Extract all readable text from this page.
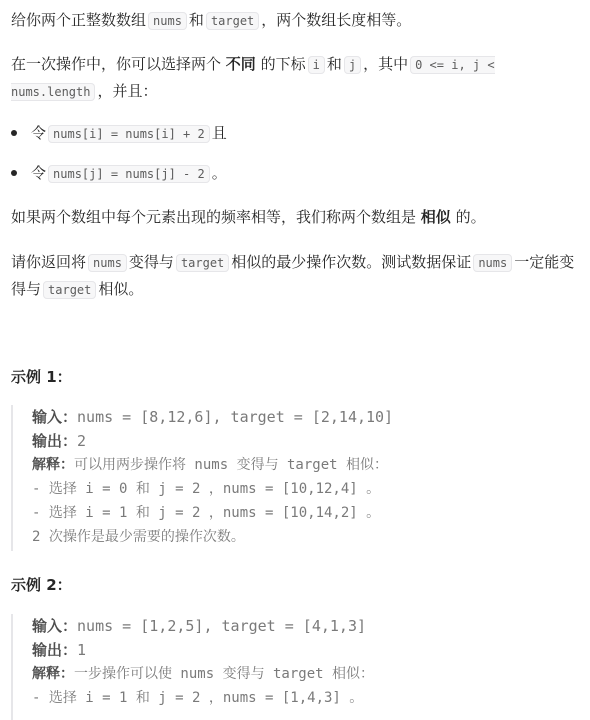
给你两个正整数数组 nums 和 target ，两个数组长度相等。
在一次操作中，你可以选择两个 不同 的下标 i 和 j ，其中 0 <= i, j < nums.length ，并且：
令 nums[i] = nums[i] + 2 且
令 nums[j] = nums[j] - 2 。
如果两个数组中每个元素出现的频率相等，我们称两个数组是 相似 的。
请你返回将 nums 变得与 target 相似的最少操作次数。测试数据保证 nums 一定能变得与 target 相似。
示例 1：
输入：nums = [8,12,6], target = [2,14,10]
输出：2
解释：可以用两步操作将 nums 变得与 target 相似：
- 选择 i = 0 和 j = 2 ，nums = [10,12,4] 。
- 选择 i = 1 和 j = 2 ，nums = [10,14,2] 。
2 次操作是最少需要的操作次数。
示例 2：
输入：nums = [1,2,5], target = [4,1,3]
输出：1
解释：一步操作可以使 nums 变得与 target 相似：
- 选择 i = 1 和 j = 2 ，nums = [1,4,3] 。
